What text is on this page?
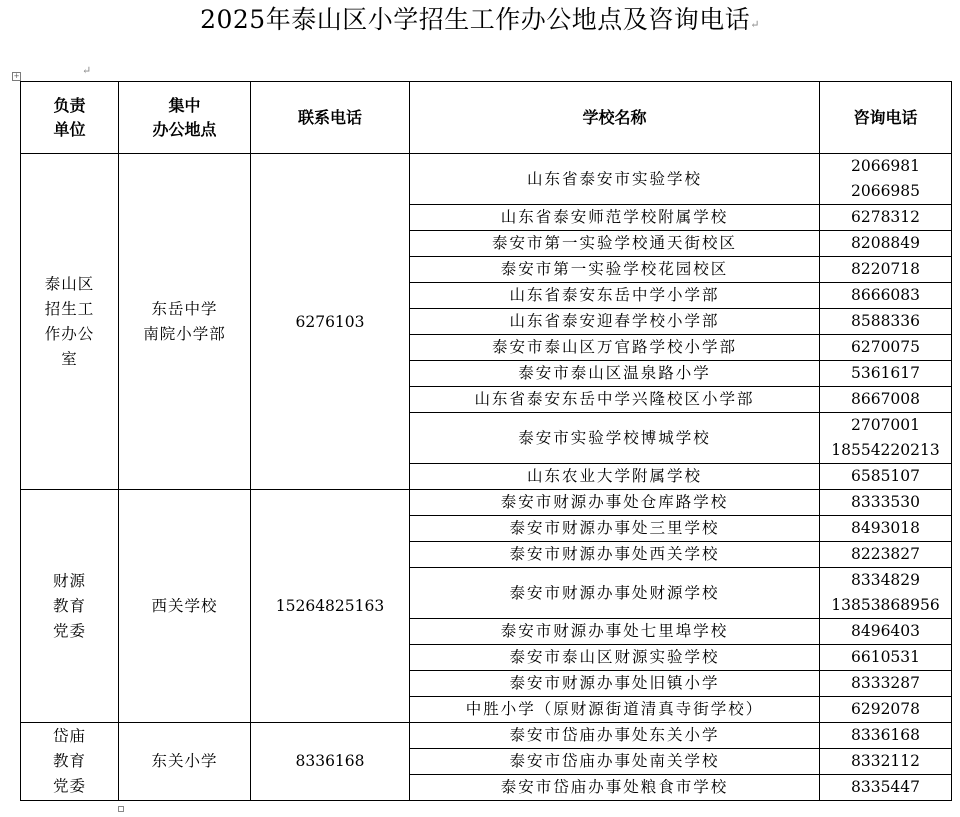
2025年泰山区小学招生工作办公地点及咨询电话↵
+	↵
负责
单位	集中
办公地点	联系电话	学校名称	咨询电话

泰山区
招生工
作办公
室	东岳中学
南院小学部	6276103	山东省泰安市实验学校	2066981
2066985

			山东省泰安师范学校附属学校	6278312

			泰安市第一实验学校通天街校区	8208849

			泰安市第一实验学校花园校区	8220718

			山东省泰安东岳中学小学部	8666083

			山东省泰安迎春学校小学部	8588336

			泰安市泰山区万官路学校小学部	6270075

			泰安市泰山区温泉路小学	5361617

			山东省泰安东岳中学兴隆校区小学部	8667008

			泰安市实验学校博城学校	2707001
18554220213

			山东农业大学附属学校	6585107

财源
教育
党委	西关学校	15264825163	泰安市财源办事处仓库路学校	8333530

			泰安市财源办事处三里学校	8493018

			泰安市财源办事处西关学校	8223827

			泰安市财源办事处财源学校	8334829
13853868956

			泰安市财源办事处七里埠学校	8496403

			泰安市泰山区财源实验学校	6610531

			泰安市财源办事处旧镇小学	8333287

			中胜小学（原财源街道清真寺街学校）	6292078

岱庙
教育
党委	东关小学	8336168	泰安市岱庙办事处东关小学	8336168

			泰安市岱庙办事处南关学校	8332112

			泰安市岱庙办事处粮食市学校	8335447
